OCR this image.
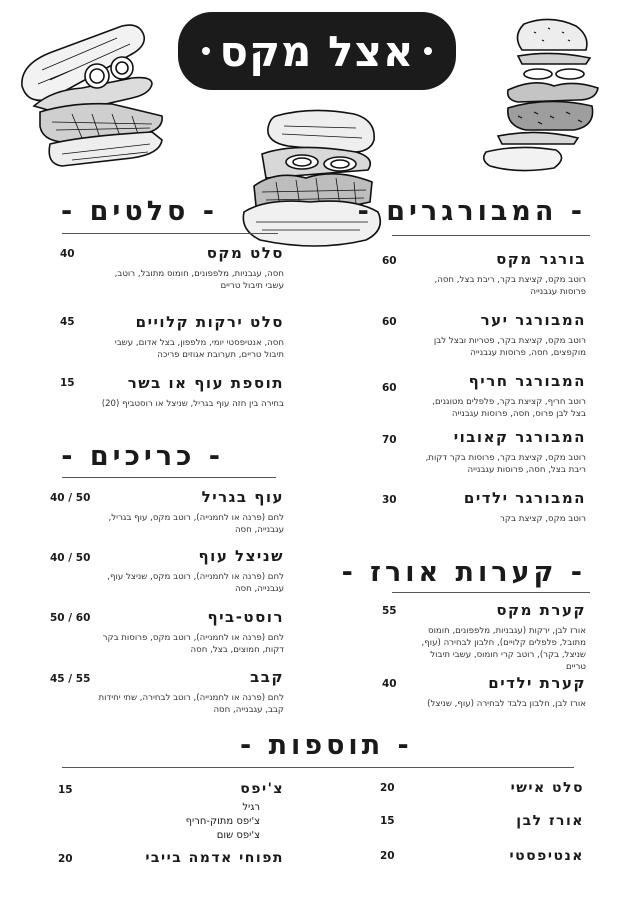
אצל מקס
- המבורגרים -
בורגר מקס
רוטב מקס, קציצת בקר, ריבת בצל, חסה, פרוסות עגבנייה
60
המבורגר יער
רוטב מקס, קציצת בקר, פטריות ובצל לבן מוקפצים, חסה, פרוסות עגבנייה
60
המבורגר חריף
רוטב חריף, קציצת בקר, פלפלים מטוגנים, בצל לבן פרוס, חסה, פרוסות עגבנייה
60
המבורגר קאובוי
רוטב מקס, קציצת בקר, פרוסות בקר דקות, ריבת בצל, חסה, פרוסות עגבנייה
70
המבורגר ילדים
רוטב מקס, קציצת בקר
30
- קערות אורז -
קערת מקס
אורז לבן, ירקות (עגבניות, מלפפונים, חומוס מתובל, פלפלים קלויים), חלבון לבחירה (עוף, שניצל, בקר), רוטב קרי חומוס, עשבי תיבול טריים
55
קערת ילדים
אורז לבן, חלבון בלבד לבחירה (עוף, שניצל)
40
- סלטים -
סלט מקס
חסה, עגבניות, מלפפונים, חומוס מתובל, רוטב, עשבי תיבול טריים
40
סלט ירקות קלויים
חסה, אנטיפסטי יומי, מלפפון, בצל אדום, עשבי תיבול טריים, תערובת אגוזים פריכה
45
תוספת עוף או בשר
בחירה בין חזה עוף בגריל, שניצל או רוסטביף (20)
15
- כריכים -
עוף בגריל
לחם (פרנה או לחמנייה), רוטב מקס, עוף בגריל, עגבנייה, חסה
40 / 50
שניצל עוף
לחם (פרנה או לחמנייה), רוטב מקס, שניצל עוף, עגבנייה, חסה
40 / 50
רוסט-ביף
לחם (פרנה או לחמנייה), רוטב מקס, פרוסות בקר דקות, חמוצים, בצל, חסה
50 / 60
קבב
לחם (פרנה או לחמנייה), רוטב לבחירה, שתי יחידות קבב, עגבנייה, חסה
45 / 55
- תוספות -
סלט אישי
20
אורז לבן
15
אנטיפסטי
20
צ'יפס
15
רגיל
צ'יפס מתוק-חריף
צ'יפס שום
תפוחי אדמה בייבי
20
